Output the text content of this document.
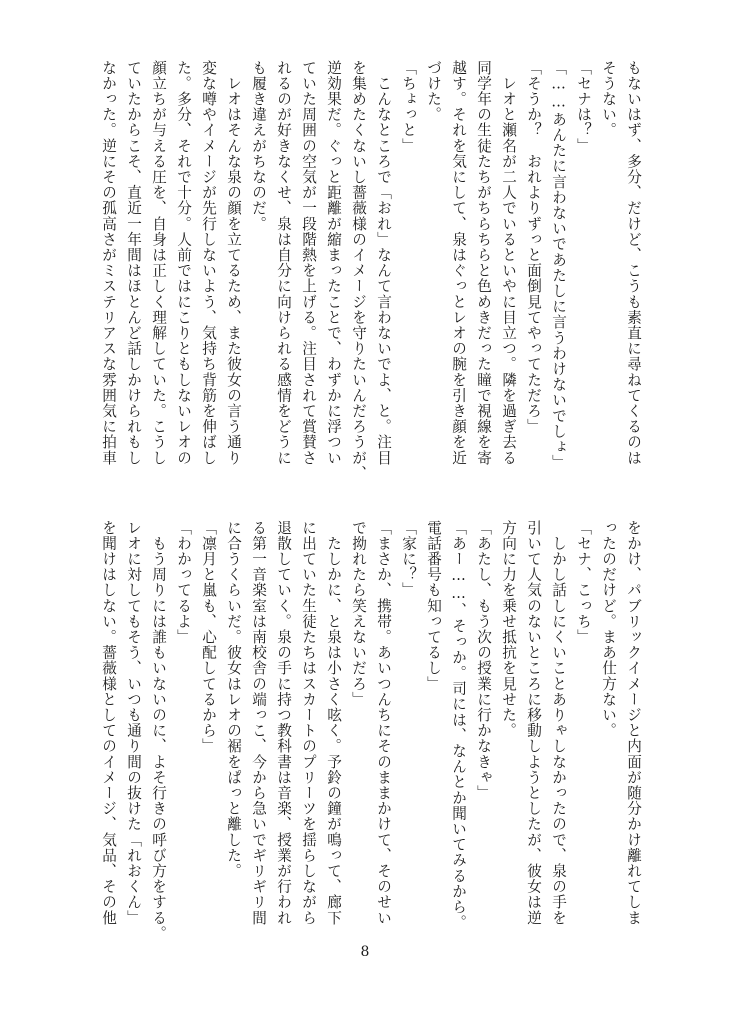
もないはず、多分、だけど、こうも素直に尋ねてくるのは
そうない。
「セナは？」
「……あんたに言わないであたしに言うわけないでしょ」
「そうか？　おれよりずっと面倒見てやってただろ」
　レオと瀬名が二人でいるといやに目立つ。隣を過ぎ去る
同学年の生徒たちがちらちらと色めきだった瞳で視線を寄
越す。それを気にして、泉はぐっとレオの腕を引き顔を近
づけた。
「ちょっと」
　こんなところで「おれ」なんて言わないでよ、と。注目
を集めたくないし薔薇様のイメージを守りたいんだろうが、
逆効果だ。ぐっと距離が縮まったことで、わずかに浮つい
ていた周囲の空気が一段階熱を上げる。注目されて賞賛さ
れるのが好きなくせ、泉は自分に向けられる感情をどうに
も履き違えがちなのだ。
　レオはそんな泉の顔を立てるため、また彼女の言う通り
変な噂やイメージが先行しないよう、気持ち背筋を伸ばし
た。多分、それで十分。人前ではにこりともしないレオの
顔立ちが与える圧を、自身は正しく理解していた。こうし
ていたからこそ、直近一年間はほとんど話しかけられもし
なかった。逆にその孤高さがミステリアスな雰囲気に拍車
をかけ、パブリックイメージと内面が随分かけ離れてしま
ったのだけど。まあ仕方ない。
「セナ、こっち」
　しかし話しにくいことありゃしなかったので、泉の手を
引いて人気のないところに移動しようとしたが、彼女は逆
方向に力を乗せ抵抗を見せた。
「あたし、もう次の授業に行かなきゃ」
「あー……、そっか。司には、なんとか聞いてみるから。
電話番号も知ってるし」
「家に？」
「まさか、携帯。あいつんちにそのままかけて、そのせい
で拗れたら笑えないだろ」
　たしかに、と泉は小さく呟く。予鈴の鐘が鳴って、廊下
に出ていた生徒たちはスカートのプリーツを揺らしながら
退散していく。泉の手に持つ教科書は音楽、授業が行われ
る第一音楽室は南校舎の端っこ、今から急いでギリギリ間
に合うくらいだ。彼女はレオの裾をぱっと離した。
「凛月と嵐も、心配してるから」
「わかってるよ」
　もう周りには誰もいないのに、よそ行きの呼び方をする。
レオに対してもそう、いつも通り間の抜けた「れおくん」
を聞けはしない。薔薇様としてのイメージ、気品、その他
8
